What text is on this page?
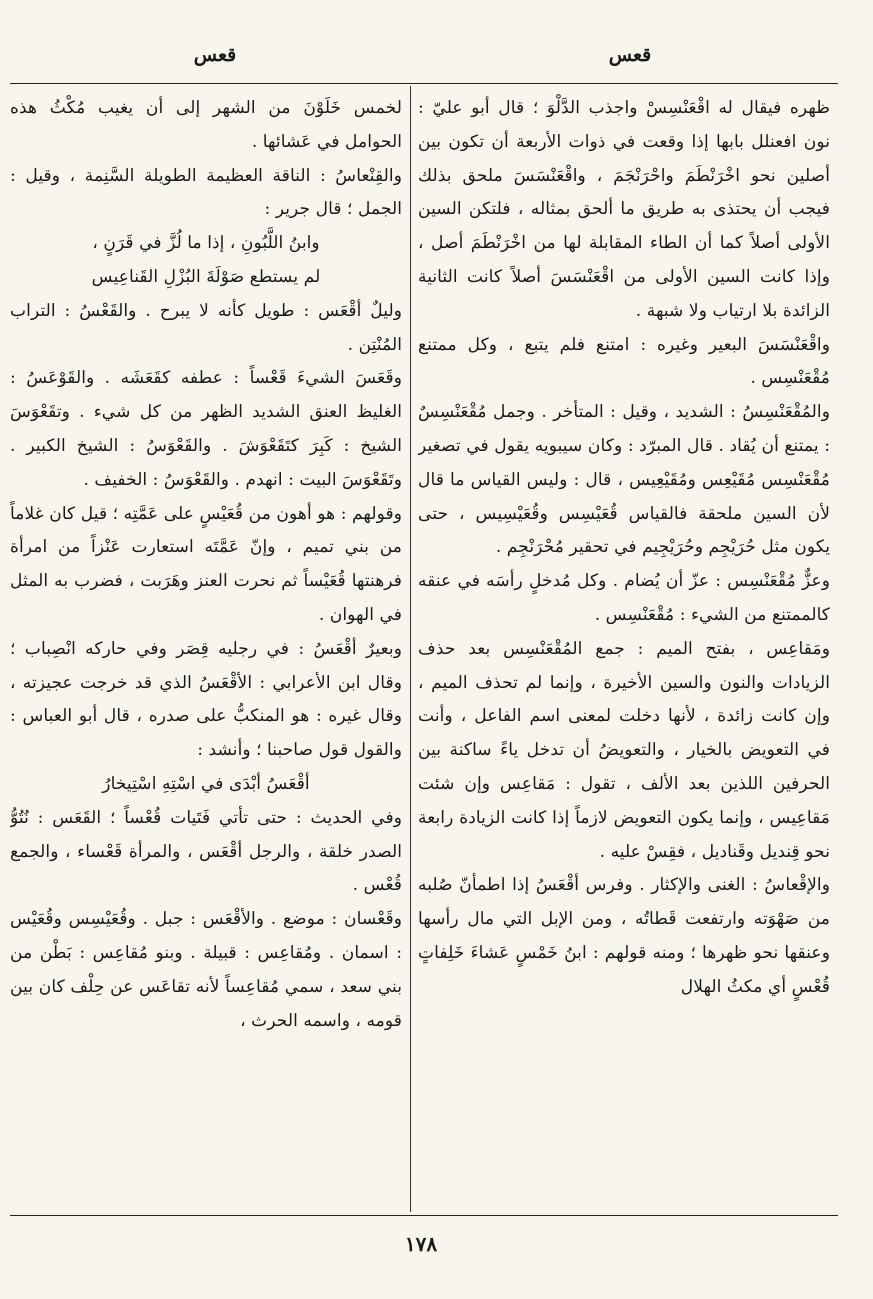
قعس
قعس

ظهره فيقال له اقْعَنْسِسْ واجذب الدَّلْوَ ؛ قال أبو عليّ : نون افعنلل بابها إذا وقعت في ذوات الأربعة أن تكون بين أصلين نحو اخْرَنْطَمَ واحْرَنْجَمَ ، واقْعَنْسَسَ ملحق بذلك فيجب أن يحتذى به طريق ما ألحق بمثاله ، فلتكن السين الأولى أصلاً كما أن الطاء المقابلة لها من اخْرَنْطَمَ أصل ، وإذا كانت السين الأولى من اقْعَنْسَسَ أصلاً كانت الثانية الزائدة بلا ارتياب ولا شبهة .

واقْعَنْسَسَ البعير وغيره : امتنع فلم يتبع ، وكل ممتنع مُقْعَنْسِس .

والمُقْعَنْسِسُ : الشديد ، وقيل : المتأخر . وجمل مُقْعَنْسِسٌ : يمتنع أن يُقاد . قال المبرّد : وكان سيبويه يقول في تصغير مُقْعَنْسِس مُقَيْعِس ومُقَيْعِيس ، قال : وليس القياس ما قال لأن السين ملحقة فالقياس قُعَيْسِس وقُعَيْسِيس ، حتى يكون مثل حُرَيْجِم وحُرَيْجِيم في تحقير مُحْرَنْجِم .

وعزٌّ مُقْعَنْسِس : عزّ أن يُضام . وكل مُدخلٍ رأسَه في عنقه كالممتنع من الشيء : مُقْعَنْسِس .

ومَقاعِس ، بفتح الميم : جمع المُقْعَنْسِس بعد حذف الزيادات والنون والسين الأخيرة ، وإنما لم تحذف الميم ، وإن كانت زائدة ، لأنها دخلت لمعنى اسم الفاعل ، وأنت في التعويض بالخيار ، والتعويضُ أن تدخل ياءً ساكنة بين الحرفين اللذين بعد الألف ، تقول : مَقاعِس وإن شئت مَقاعِيس ، وإنما يكون التعويض لازماً إذا كانت الزيادة رابعة نحو قِنديل وقَناديل ، فقِسْ عليه .

والإقْعاسُ : الغنى والإكثار . وفرس أقْعَسُ إذا اطمأنّ صُلبه من صَهْوَته وارتفعت قَطاتُه ، ومن الإبل التي مال رأسها وعنقها نحو ظهرها ؛ ومنه قولهم : ابنُ خَمْسٍ عَشاءَ خَلِفاتٍ قُعْسٍ أي مكثُ الهلال

لخمس خَلَوْنَ من الشهر إلى أن يغيب مُكْثُ هذه الحوامل في عَشائها .

والقِنْعاسُ : الناقة العظيمة الطويلة السَّنِمة ، وقيل : الجمل ؛ قال جرير :

وابنُ اللَّبُونِ ، إذا ما لُزَّ في قَرَنٍ ،

لم يستطع صَوْلَةَ البُزْلِ القَناعِيس

وليلٌ أقْعَس : طويل كأنه لا يبرح . والقَعْسُ : التراب المُنْتِن .

وقَعَسَ الشيءَ قَعْساً : عطفه كقَعَشَه . والقَوْعَسُ : الغليظ العنق الشديد الظهر من كل شيء . وتقَعْوَسَ الشيخ : كَبِرَ كتَقَعْوَشَ . والقَعْوَسُ : الشيخ الكبير . وتَقَعْوَسَ البيت : انهدم . والقَعْوَسُ : الخفيف .

وقولهم : هو أهون من قُعَيْسٍ على عَمَّتِه ؛ قيل كان غلاماً من بني تميم ، وإنّ عَمَّتَه استعارت عَنْزاً من امرأة فرهنتها قُعَيْساً ثم نحرت العنز وهَرَبت ، فضرب به المثل في الهوان .

وبعيرٌ أقْعَسُ : في رجليه قِصَر وفي حاركه انْصِباب ؛ وقال ابن الأعرابي : الأقْعَسُ الذي قد خرجت عجيزته ، وقال غيره : هو المنكبُّ على صدره ، قال أبو العباس : والقول قول صاحبنا ؛ وأنشد :

أقْعَسُ أبْدَى في اسْتِهِ اسْتِيخارُ

وفي الحديث : حتى تأتي فَتَيات قُعْساً ؛ القَعَس : نُتُوُّ الصدر خلقة ، والرجل أقْعَس ، والمرأة قَعْساء ، والجمع قُعْس .

وقَعْسان : موضع . والأقْعَس : جبل . وقُعَيْسِس وقُعَيْس : اسمان . ومُقاعِس : قبيلة . وبنو مُقاعِس : بَطْن من بني سعد ، سمي مُقاعِساً لأنه تقاعَس عن حِلْف كان بين قومه ، واسمه الحرث ،

١٧٨
